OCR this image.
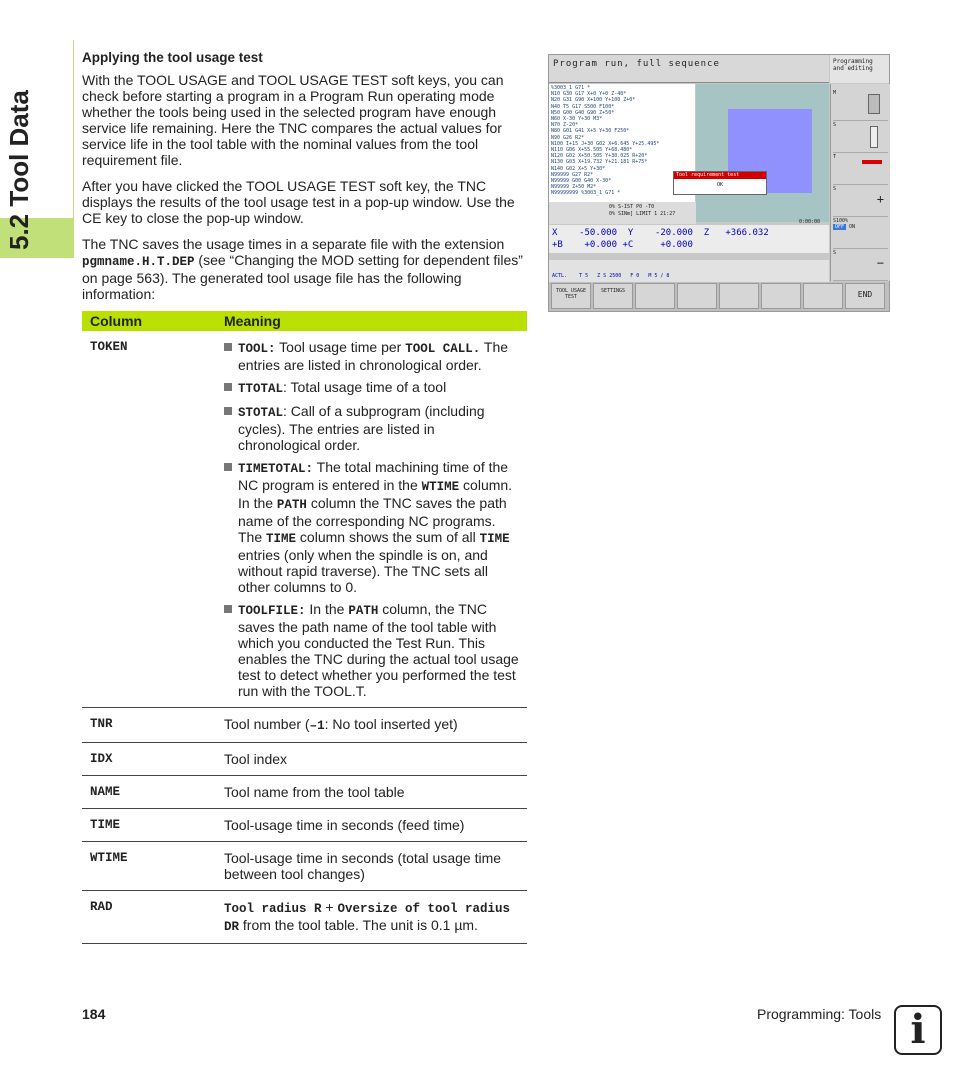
5.2 Tool Data
Applying the tool usage test

With the TOOL USAGE and TOOL USAGE TEST soft keys, you can check before starting a program in a Program Run operating mode whether the tools being used in the selected program have enough service life remaining. Here the TNC compares the actual values for service life in the tool table with the nominal values from the tool requirement file.

After you have clicked the TOOL USAGE TEST soft key, the TNC displays the results of the tool usage test in a pop-up window. Use the CE key to close the pop-up window.

The TNC saves the usage times in a separate file with the extension pgmname.H.T.DEP (see “Changing the MOD setting for dependent files” on page 563). The generated tool usage file has the following information:

Column	Meaning
TOKEN	TOOL: Tool usage time per TOOL CALL. The entries are listed in chronological order.
TTOTAL: Total usage time of a tool
STOTAL: Call of a subprogram (including cycles). The entries are listed in chronological order.
TIMETOTAL: The total machining time of the NC program is entered in the WTIME column. In the PATH column the TNC saves the path name of the corresponding NC programs. The TIME column shows the sum of all TIME entries (only when the spindle is on, and without rapid traverse). The TNC sets all other columns to 0.
TOOLFILE: In the PATH column, the TNC saves the path name of the tool table with which you conducted the Test Run. This enables the TNC during the actual tool usage test to detect whether you performed the test run with the TOOL.T.

TNR	Tool number (–1: No tool inserted yet)
IDX	Tool index
NAME	Tool name from the tool table
TIME	Tool-usage time in seconds (feed time)
WTIME	Tool-usage time in seconds (total usage time between tool changes)
RAD	Tool radius R + Oversize of tool radius DR from the tool table. The unit is 0.1 µm.
Program run, full sequence	Programming and editing
%3003_1 G71 *
N10 G30 G17 X+0 Y+0 Z-40*
N20 G31 G90 X+100 Y+100 Z+0*
N40 T5 G17 S500 F100*
N50 G00 G40 G90 Z+50*
N60 X-30 Y+30 M3*
N70 Z-20*
N80 G01 G41 X+5 Y+30 F250*
N90 G26 R2*
N100 I+15 J+30 G02 X+6.645 Y+25.495*
N110 G06 X+55.505 Y+68.480*
N120 G02 X+50.505 Y+30.025 R+20*
N130 G03 X+19.732 Y+21.181 R+75*
N140 G02 X+5 Y+30*
N99999 G27 R2*
N99999 G00 G40 X-30*
N99999 Z+50 M2*
N99999999 %3003_1 G71 *
Tool requirement test
OK
0% S-IST P0 -T0
0% SINm] LIMIT 1 21:27
0:00:00
M
S
T
S
+
S100%
OFF ON
S
−
X    -50.000  Y    -20.000  Z   +366.032
+B    +0.000 +C     +0.000
ACTL.    T 5   Z S 2500   F 0   M 5 / 8
TOOL USAGE TEST
SETTINGS	END
184	Programming: Tools i
